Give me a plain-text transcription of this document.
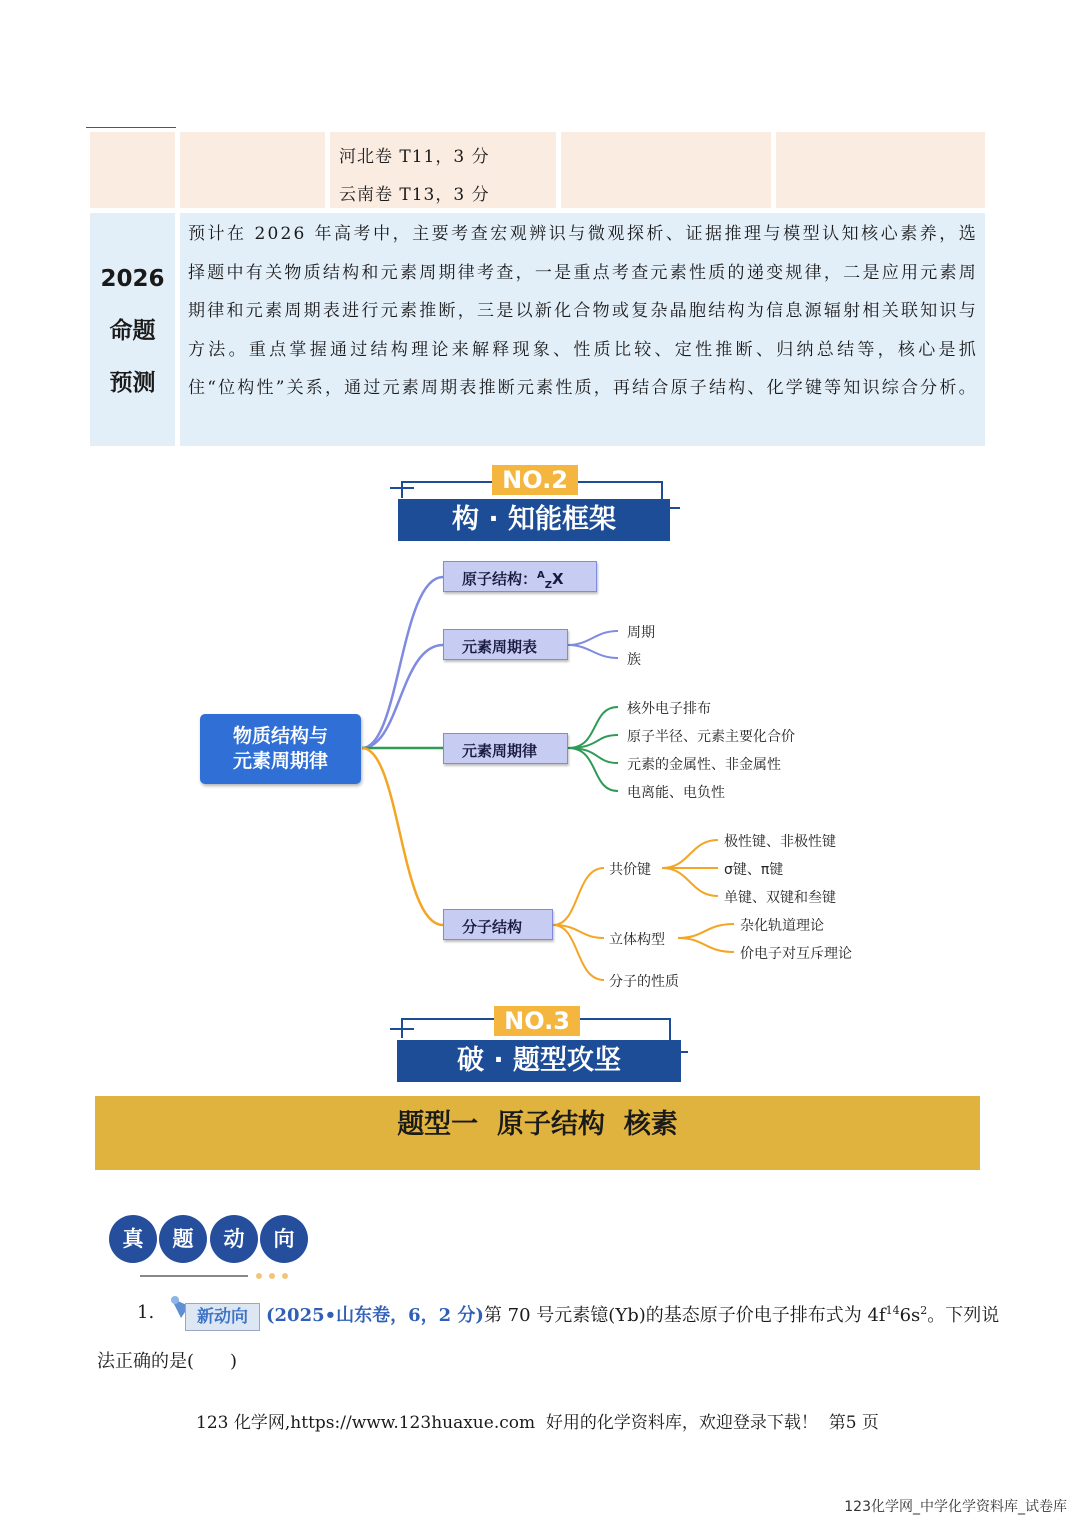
河北卷 T11，3 分
云南卷 T13，3 分
2026
命题
预测
预计在 2026 年高考中，主要考查宏观辨识与微观探析、证据推理与模型认知核心素养，选择题中有关物质结构和元素周期律考查，一是重点考查元素性质的递变规律，二是应用元素周期律和元素周期表进行元素推断，三是以新化合物或复杂晶胞结构为信息源辐射相关联知识与方法。重点掌握通过结构理论来解释现象、性质比较、定性推断、归纳总结等，核心是抓住“位构性”关系，通过元素周期表推断元素性质，再结合原子结构、化学键等知识综合分析。
NO.2
构 · 知能框架
物质结构与
元素周期律
原子结构：$^A_Z$X
元素周期表
周期
族
元素周期律
核外电子排布
原子半径、元素主要化合价
元素的金属性、非金属性
电离能、电负性
分子结构
共价键
极性键、非极性键
σ键、π键
单键、双键和叁键
立体构型
杂化轨道理论
价电子对互斥理论
分子的性质
NO.3
破 · 题型攻坚
题型一  原子结构  核素
真	题	动	向
1.	新动向	(2025•山东卷，6，2 分)第 70 号元素镱(Yb)的基态原子价电子排布式为 $4f^{14}6s^2$。下列说
法正确的是(　　)
123 化学网,https://www.123huaxue.com  好用的化学资料库，欢迎登录下载！  第5 页
123化学网_中学化学资料库_试卷库
